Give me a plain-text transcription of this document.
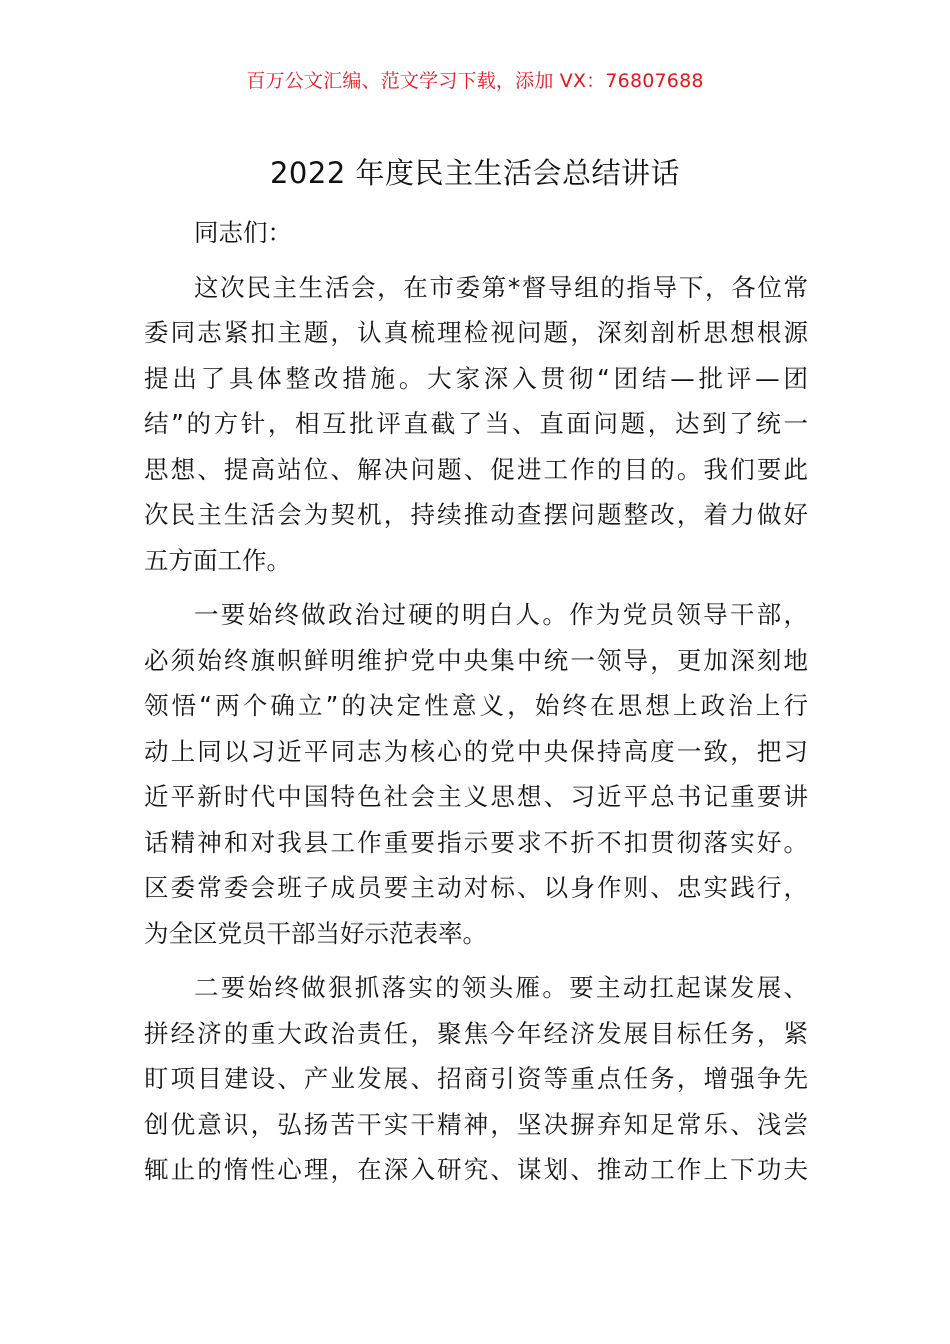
百万公文汇编、范文学习下载，添加 VX：76807688
2022 年度民主生活会总结讲话
同志们：
这次民主生活会，在市委第*督导组的指导下，各位常
委同志紧扣主题，认真梳理检视问题，深刻剖析思想根源
提出了具体整改措施。大家深入贯彻“团结—批评—团
结”的方针，相互批评直截了当、直面问题，达到了统一
思想、提高站位、解决问题、促进工作的目的。我们要此
次民主生活会为契机，持续推动查摆问题整改，着力做好
五方面工作。
一要始终做政治过硬的明白人。作为党员领导干部，
必须始终旗帜鲜明维护党中央集中统一领导，更加深刻地
领悟“两个确立”的决定性意义，始终在思想上政治上行
动上同以习近平同志为核心的党中央保持高度一致，把习
近平新时代中国特色社会主义思想、习近平总书记重要讲
话精神和对我县工作重要指示要求不折不扣贯彻落实好。
区委常委会班子成员要主动对标、以身作则、忠实践行，
为全区党员干部当好示范表率。
二要始终做狠抓落实的领头雁。要主动扛起谋发展、
拼经济的重大政治责任，聚焦今年经济发展目标任务，紧
盯项目建设、产业发展、招商引资等重点任务，增强争先
创优意识，弘扬苦干实干精神，坚决摒弃知足常乐、浅尝
辄止的惰性心理，在深入研究、谋划、推动工作上下功夫
